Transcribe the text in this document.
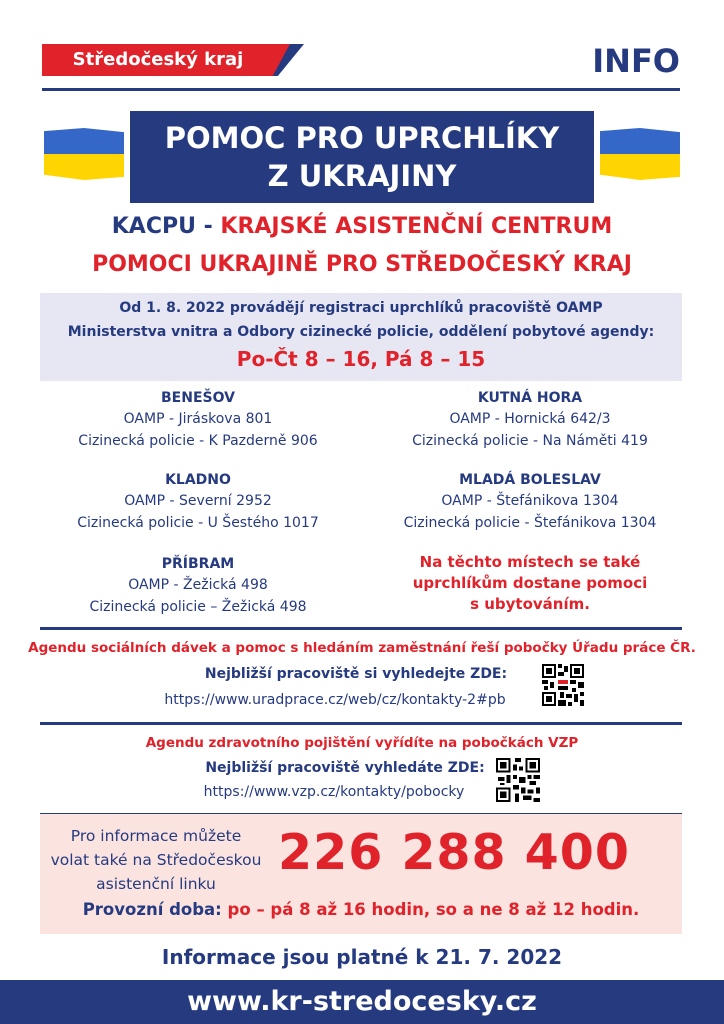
Středočeský kraj	INFO
POMOC PRO UPRCHLÍKY
Z UKRAJINY
KACPU - KRAJSKÉ ASISTENČNÍ CENTRUM
POMOCI UKRAJINĚ PRO STŘEDOČESKÝ KRAJ
Od 1. 8. 2022 provádějí registraci uprchlíků pracoviště OAMP
Ministerstva vnitra a Odbory cizinecké policie, oddělení pobytové agendy:
Po-Čt 8 – 16, Pá 8 – 15
BENEŠOV
OAMP - Jiráskova 801
Cizinecká policie - K Pazderně 906
KUTNÁ HORA
OAMP - Hornická 642/3
Cizinecká policie - Na Náměti 419
KLADNO
OAMP - Severní 2952
Cizinecká policie - U Šestého 1017
MLADÁ BOLESLAV
OAMP - Štefánikova 1304
Cizinecká policie - Štefánikova 1304
PŘÍBRAM
OAMP - Žežická 498
Cizinecká policie – Žežická 498
Na těchto místech se také
uprchlíkům dostane pomoci
s ubytováním.
Agendu sociálních dávek a pomoc s hledáním zaměstnání řeší pobočky Úřadu práce ČR.
Nejbližší pracoviště si vyhledejte ZDE:
https://www.uradprace.cz/web/cz/kontakty-2#pb
Agendu zdravotního pojištění vyřídíte na pobočkách VZP
Nejbližší pracoviště vyhledáte ZDE:
https://www.vzp.cz/kontakty/pobocky
Pro informace můžete
volat také na Středočeskou
asistenční linku
226 288 400
Provozní doba: po – pá 8 až 16 hodin, so a ne 8 až 12 hodin.
Informace jsou platné k 21. 7. 2022
www.kr-stredocesky.cz
